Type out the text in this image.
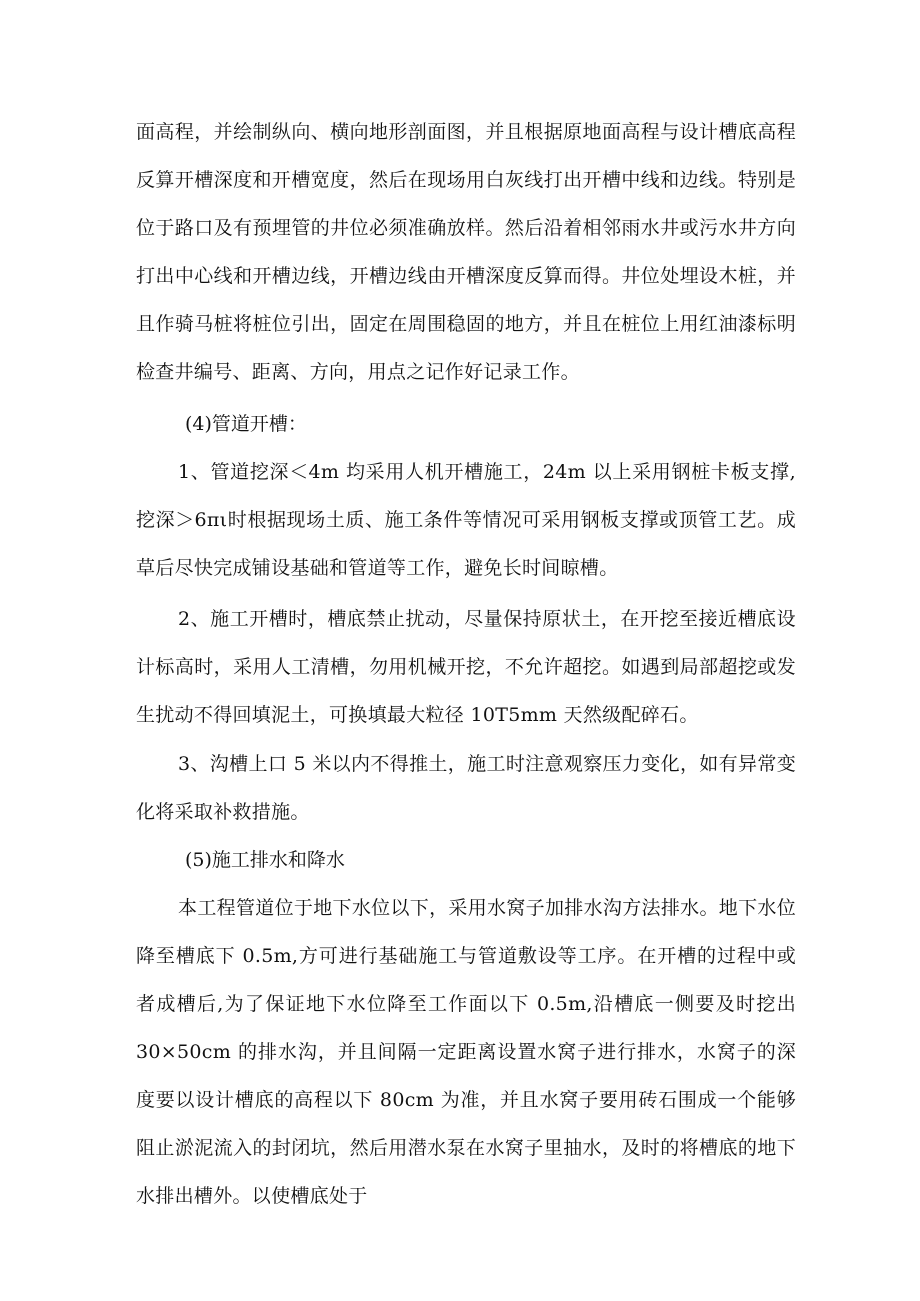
面高程，并绘制纵向、横向地形剖面图，并且根据原地面高程与设计槽底高程反算开槽深度和开槽宽度，然后在现场用白灰线打出开槽中线和边线。特别是位于路口及有预埋管的井位必须准确放样。然后沿着相邻雨水井或污水井方向打出中心线和开槽边线，开槽边线由开槽深度反算而得。井位处埋设木桩，并且作骑马桩将桩位引出，固定在周围稳固的地方，并且在桩位上用红油漆标明检查井编号、距离、方向，用点之记作好记录工作。

(4)管道开槽：

1、管道挖深＜4m 均采用人机开槽施工，24m 以上采用钢桩卡板支撑,挖深＞6πι时根据现场土质、施工条件等情况可采用钢板支撑或顶管工艺。成草后尽快完成铺设基础和管道等工作，避免长时间晾槽。

2、施工开槽时，槽底禁止扰动，尽量保持原状土，在开挖至接近槽底设计标高时，采用人工清槽，勿用机械开挖，不允许超挖。如遇到局部超挖或发生扰动不得回填泥土，可换填最大粒径 10T5mm 天然级配碎石。

3、沟槽上口 5 米以内不得推土，施工时注意观察压力变化，如有异常变化将采取补救措施。

(5)施工排水和降水

本工程管道位于地下水位以下，采用水窝子加排水沟方法排水。地下水位降至槽底下 0.5m,方可进行基础施工与管道敷设等工序。在开槽的过程中或者成槽后,为了保证地下水位降至工作面以下 0.5m,沿槽底一侧要及时挖出 30×50cm 的排水沟，并且间隔一定距离设置水窝子进行排水，水窝子的深度要以设计槽底的高程以下 80cm 为准，并且水窝子要用砖石围成一个能够阻止淤泥流入的封闭坑，然后用潜水泵在水窝子里抽水，及时的将槽底的地下水排出槽外。以使槽底处于
